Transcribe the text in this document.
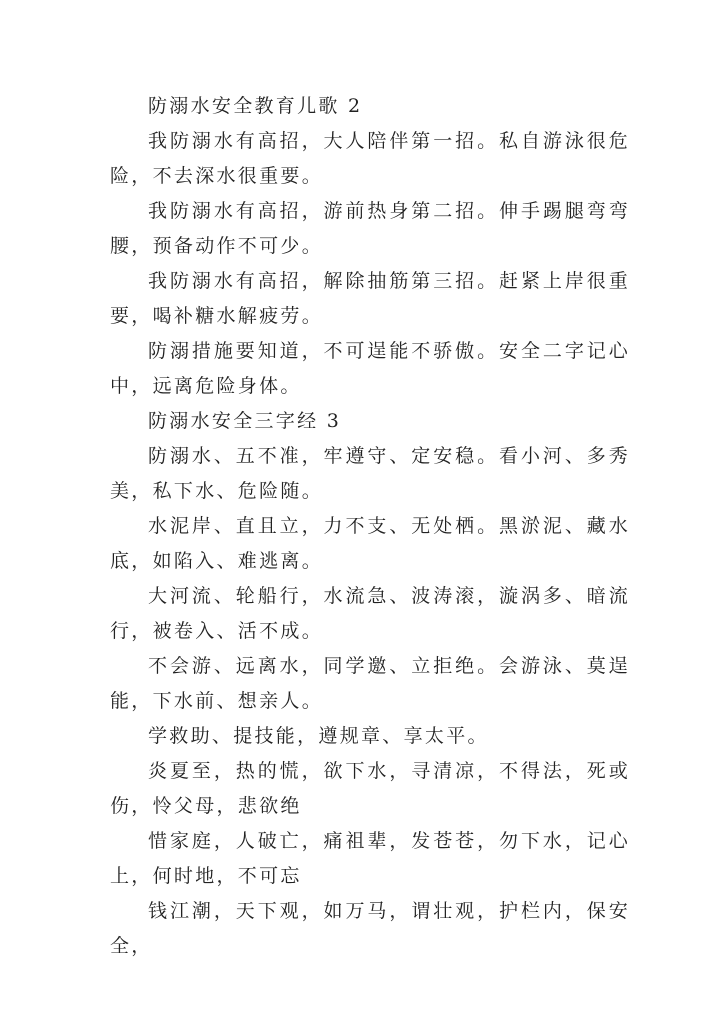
防溺水安全教育儿歌 2

我防溺水有高招，大人陪伴第一招。私自游泳很危险，不去深水很重要。

我防溺水有高招，游前热身第二招。伸手踢腿弯弯腰，预备动作不可少。

我防溺水有高招，解除抽筋第三招。赶紧上岸很重要，喝补糖水解疲劳。

防溺措施要知道，不可逞能不骄傲。安全二字记心中，远离危险身体。

防溺水安全三字经 3

防溺水、五不准，牢遵守、定安稳。看小河、多秀美，私下水、危险随。

水泥岸、直且立，力不支、无处栖。黑淤泥、藏水底，如陷入、难逃离。

大河流、轮船行，水流急、波涛滚，漩涡多、暗流行，被卷入、活不成。

不会游、远离水，同学邀、立拒绝。会游泳、莫逞能，下水前、想亲人。

学救助、提技能，遵规章、享太平。

炎夏至，热的慌，欲下水，寻清凉，不得法，死或伤，怜父母，悲欲绝

惜家庭，人破亡，痛祖辈，发苍苍，勿下水，记心上，何时地，不可忘

钱江潮，天下观，如万马，谓壮观，护栏内，保安全，
